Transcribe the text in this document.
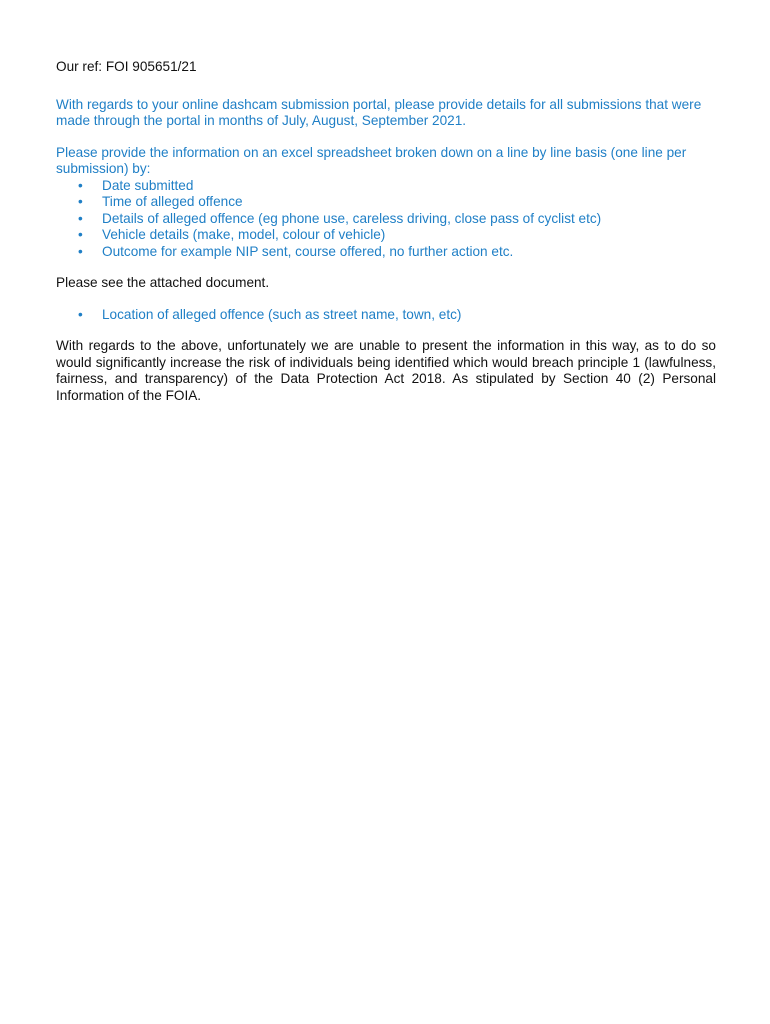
Our ref: FOI 905651/21

With regards to your online dashcam submission portal, please provide details for all submissions that were made through the portal in months of July, August, September 2021.

Please provide the information on an excel spreadsheet broken down on a line by line basis (one line per submission) by:

• Date submitted
• Time of alleged offence
• Details of alleged offence (eg phone use, careless driving, close pass of cyclist etc)
• Vehicle details (make, model, colour of vehicle)
• Outcome for example NIP sent, course offered, no further action etc.

Please see the attached document.

• Location of alleged offence (such as street name, town, etc)

With regards to the above, unfortunately we are unable to present the information in this way, as to do so would significantly increase the risk of individuals being identified which would breach principle 1 (lawfulness, fairness, and transparency) of the Data Protection Act 2018. As stipulated by Section 40 (2) Personal Information of the FOIA.
